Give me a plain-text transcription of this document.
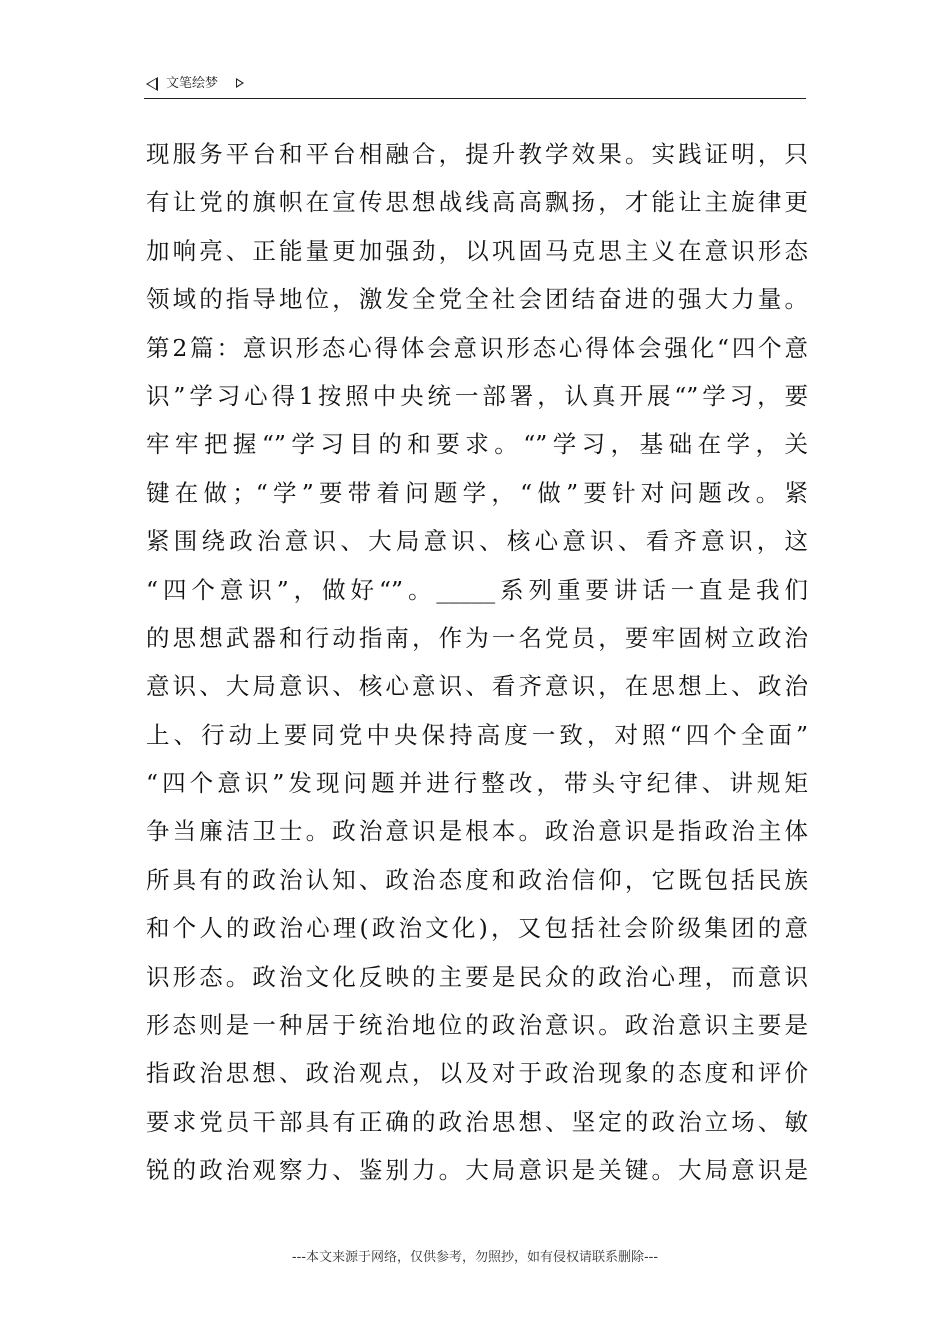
文笔绘梦
现服务平台和平台相融合，提升教学效果。实践证明，只
有让党的旗帜在宣传思想战线高高飘扬，才能让主旋律更
加响亮、正能量更加强劲，以巩固马克思主义在意识形态
领域的指导地位，激发全党全社会团结奋进的强大力量。
第2篇：意识形态心得体会意识形态心得体会强化“四个意
识”学习心得1按照中央统一部署，认真开展“”学习，要
牢牢把握“”学习目的和要求。“”学习，基础在学，关
键在做；“学”要带着问题学，“做”要针对问题改。紧
紧围绕政治意识、大局意识、核心意识、看齐意识，这
“四个意识”，做好“”。_____系列重要讲话一直是我们
的思想武器和行动指南，作为一名党员，要牢固树立政治
意识、大局意识、核心意识、看齐意识，在思想上、政治
上、行动上要同党中央保持高度一致，对照“四个全面”
“四个意识”发现问题并进行整改，带头守纪律、讲规矩
争当廉洁卫士。政治意识是根本。政治意识是指政治主体
所具有的政治认知、政治态度和政治信仰，它既包括民族
和个人的政治心理(政治文化)，又包括社会阶级集团的意
识形态。政治文化反映的主要是民众的政治心理，而意识
形态则是一种居于统治地位的政治意识。政治意识主要是
指政治思想、政治观点，以及对于政治现象的态度和评价
要求党员干部具有正确的政治思想、坚定的政治立场、敏
锐的政治观察力、鉴别力。大局意识是关键。大局意识是
---本文来源于网络，仅供参考，勿照抄，如有侵权请联系删除---
